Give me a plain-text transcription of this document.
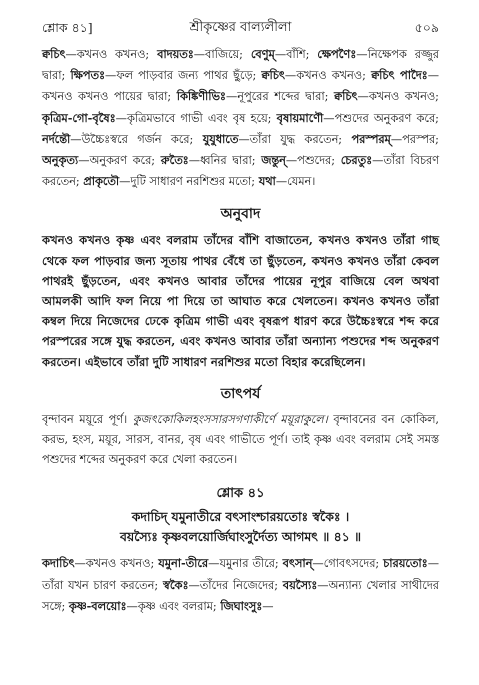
শ্লোক ৪১]	শ্রীকৃষ্ণের বাল্যলীলা	৫০৯

ক্বচিৎ—কখনও কখনও; বাদয়তঃ—বাজিয়ে; বেণুম্—বাঁশি; ক্ষেপণৈঃ—নিক্ষেপক রজ্জুর দ্বারা; ক্ষিপতঃ—ফল পাড়বার জন্য পাথর ছুঁড়ে; ক্বচিৎ—কখনও কখনও; ক্বচিৎ পাদৈঃ—কখনও কখনও পায়ের দ্বারা; কিঙ্কিণীভিঃ—নূপুরের শব্দের দ্বারা; ক্বচিৎ—কখনও কখনও; কৃত্রিম-গো-বৃষৈঃ—কৃত্রিমভাবে গাভী এবং বৃষ হয়ে; বৃষায়মাণৌ—পশুদের অনুকরণ করে; নর্দন্তৌ—উচ্চৈঃস্বরে গর্জন করে; যুযুধাতে—তাঁরা যুদ্ধ করতেন; পরস্পরম্—পরস্পর; অনুকৃত্য—অনুকরণ করে; রুতৈঃ—ধ্বনির দ্বারা; জন্তুন্—পশুদের; চেরতুঃ—তাঁরা বিচরণ করতেন; প্রাকৃতৌ—দুটি সাধারণ নরশিশুর মতো; যথা—যেমন।

অনুবাদ

কখনও কখনও কৃষ্ণ এবং বলরাম তাঁদের বাঁশি বাজাতেন, কখনও কখনও তাঁরা গাছ থেকে ফল পাড়বার জন্য সূতায় পাথর বেঁধে তা ছুঁড়তেন, কখনও কখনও তাঁরা কেবল পাথরই ছুঁড়তেন, এবং কখনও আবার তাঁদের পায়ের নূপুর বাজিয়ে বেল অথবা আমলকী আদি ফল নিয়ে পা দিয়ে তা আঘাত করে খেলতেন। কখনও কখনও তাঁরা কম্বল দিয়ে নিজেদের ঢেকে কৃত্রিম গাভী এবং বৃষরূপ ধারণ করে উচ্চৈঃস্বরে শব্দ করে পরস্পরের সঙ্গে যুদ্ধ করতেন, এবং কখনও আবার তাঁরা অন্যান্য পশুদের শব্দ অনুকরণ করতেন। এইভাবে তাঁরা দুটি সাধারণ নরশিশুর মতো বিহার করেছিলেন।

তাৎপর্য

বৃন্দাবন ময়ূরে পূর্ণ। কুজৎকোকিলহংসসারসগণাকীর্ণে ময়ূরাকুলে। বৃন্দাবনের বন কোকিল, করভ, হংস, ময়ূর, সারস, বানর, বৃষ এবং গাভীতে পূর্ণ। তাই কৃষ্ণ এবং বলরাম সেই সমস্ত পশুদের শব্দের অনুকরণ করে খেলা করতেন।

শ্লোক ৪১

কদাচিদ্ যমুনাতীরে বৎসাংশ্চারয়তোঃ স্বকৈঃ ।

বয়স্যৈঃ কৃষ্ণবলয়োর্জিঘাংসুর্দৈত্য আগমৎ ॥ ৪১ ॥

কদাচিৎ—কখনও কখনও; যমুনা-তীরে—যমুনার তীরে; বৎসান্—গোবৎসদের; চারয়তোঃ—তাঁরা যখন চারণ করতেন; স্বকৈঃ—তাঁদের নিজেদের; বয়স্যৈঃ—অন্যান্য খেলার সাথীদের সঙ্গে; কৃষ্ণ-বলয়োঃ—কৃষ্ণ এবং বলরাম; জিঘাংসুঃ—
